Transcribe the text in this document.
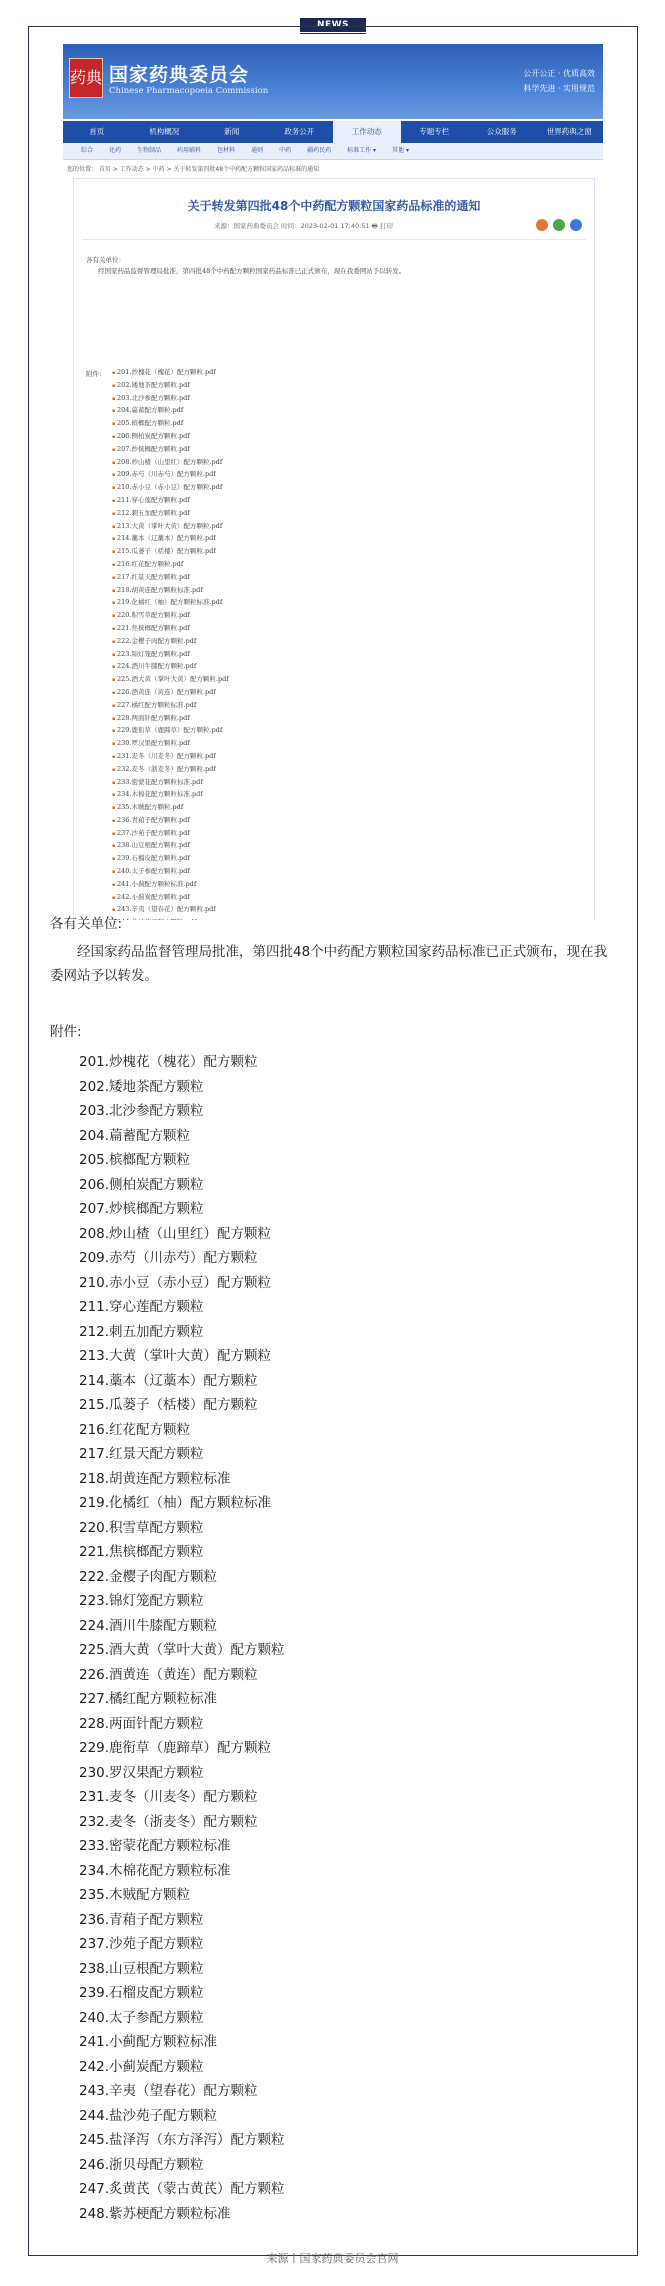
NEWS
药典 国家药典委员会
Chinese Pharmacopoeia Commission
公开公正 · 优质高效
科学先进 · 实用规范
首页	机构概况	新闻	政务公开	工作动态	专题专栏	公众服务	世界药典之窗
综合	化药	生物制品	药用辅料	包材料	通则	中药	疆药民药	标准工作 ▾	其他 ▾
您的位置： 首页 > 工作动态 > 中药 > 关于转发第四批48个中药配方颗粒国家药品标准的通知
关于转发第四批48个中药配方颗粒国家药品标准的通知
来源：国家药典委员会 时间：2023-02-01 17:40:51 🖶 打印
各有关单位：
经国家药品监督管理局批准，第四批48个中药配方颗粒国家药品标准已正式颁布，现在我委网站予以转发。
附件：
▪	201.炒槐花（槐花）配方颗粒.pdf
▪ 202.矮地茶配方颗粒.pdf
▪ 203.北沙参配方颗粒.pdf
▪ 204.萹蓄配方颗粒.pdf
▪ 205.槟榔配方颗粒.pdf
▪ 206.侧柏炭配方颗粒.pdf
▪ 207.炒槟榔配方颗粒.pdf
▪ 208.炒山楂（山里红）配方颗粒.pdf
▪ 209.赤芍（川赤芍）配方颗粒.pdf
▪ 210.赤小豆（赤小豆）配方颗粒.pdf
▪ 211.穿心莲配方颗粒.pdf
▪ 212.刺五加配方颗粒.pdf
▪ 213.大黄（掌叶大黄）配方颗粒.pdf
▪ 214.藁本（辽藁本）配方颗粒.pdf
▪ 215.瓜蒌子（栝楼）配方颗粒.pdf
▪ 216.红花配方颗粒.pdf
▪ 217.红景天配方颗粒.pdf
▪ 218.胡黄连配方颗粒标准.pdf
▪ 219.化橘红（柚）配方颗粒标准.pdf
▪ 220.积雪草配方颗粒.pdf
▪ 221.焦槟榔配方颗粒.pdf
▪ 222.金樱子肉配方颗粒.pdf
▪ 223.锦灯笼配方颗粒.pdf
▪ 224.酒川牛膝配方颗粒.pdf
▪ 225.酒大黄（掌叶大黄）配方颗粒.pdf
▪ 226.酒黄连（黄连）配方颗粒.pdf
▪ 227.橘红配方颗粒标准.pdf
▪ 228.两面针配方颗粒.pdf
▪ 229.鹿衔草（鹿蹄草）配方颗粒.pdf
▪ 230.罗汉果配方颗粒.pdf
▪ 231.麦冬（川麦冬）配方颗粒.pdf
▪ 232.麦冬（浙麦冬）配方颗粒.pdf
▪ 233.密蒙花配方颗粒标准.pdf
▪ 234.木棉花配方颗粒标准.pdf
▪ 235.木贼配方颗粒.pdf
▪ 236.青葙子配方颗粒.pdf
▪ 237.沙苑子配方颗粒.pdf
▪ 238.山豆根配方颗粒.pdf
▪ 239.石榴皮配方颗粒.pdf
▪ 240.太子参配方颗粒.pdf
▪ 241.小蓟配方颗粒标准.pdf
▪ 242.小蓟炭配方颗粒.pdf
▪ 243.辛夷（望春花）配方颗粒.pdf
▪
各有关单位:
经国家药品监督管理局批准，第四批48个中药配方颗粒国家药品标准已正式颁布，现在我委网站予以转发。
附件:
201.炒槐花（槐花）配方颗粒
202.矮地茶配方颗粒
203.北沙参配方颗粒
204.萹蓄配方颗粒
205.槟榔配方颗粒
206.侧柏炭配方颗粒
207.炒槟榔配方颗粒
208.炒山楂（山里红）配方颗粒
209.赤芍（川赤芍）配方颗粒
210.赤小豆（赤小豆）配方颗粒
211.穿心莲配方颗粒
212.刺五加配方颗粒
213.大黄（掌叶大黄）配方颗粒
214.藁本（辽藁本）配方颗粒
215.瓜蒌子（栝楼）配方颗粒
216.红花配方颗粒
217.红景天配方颗粒
218.胡黄连配方颗粒标准
219.化橘红（柚）配方颗粒标准
220.积雪草配方颗粒
221.焦槟榔配方颗粒
222.金樱子肉配方颗粒
223.锦灯笼配方颗粒
224.酒川牛膝配方颗粒
225.酒大黄（掌叶大黄）配方颗粒
226.酒黄连（黄连）配方颗粒
227.橘红配方颗粒标准
228.两面针配方颗粒
229.鹿衔草（鹿蹄草）配方颗粒
230.罗汉果配方颗粒
231.麦冬（川麦冬）配方颗粒
232.麦冬（浙麦冬）配方颗粒
233.密蒙花配方颗粒标准
234.木棉花配方颗粒标准
235.木贼配方颗粒
236.青葙子配方颗粒
237.沙苑子配方颗粒
238.山豆根配方颗粒
239.石榴皮配方颗粒
240.太子参配方颗粒
241.小蓟配方颗粒标准
242.小蓟炭配方颗粒
243.辛夷（望春花）配方颗粒
244.盐沙苑子配方颗粒
245.盐泽泻（东方泽泻）配方颗粒
246.浙贝母配方颗粒
247.炙黄芪（蒙古黄芪）配方颗粒
248.紫苏梗配方颗粒标准
来源丨国家药典委员会官网
